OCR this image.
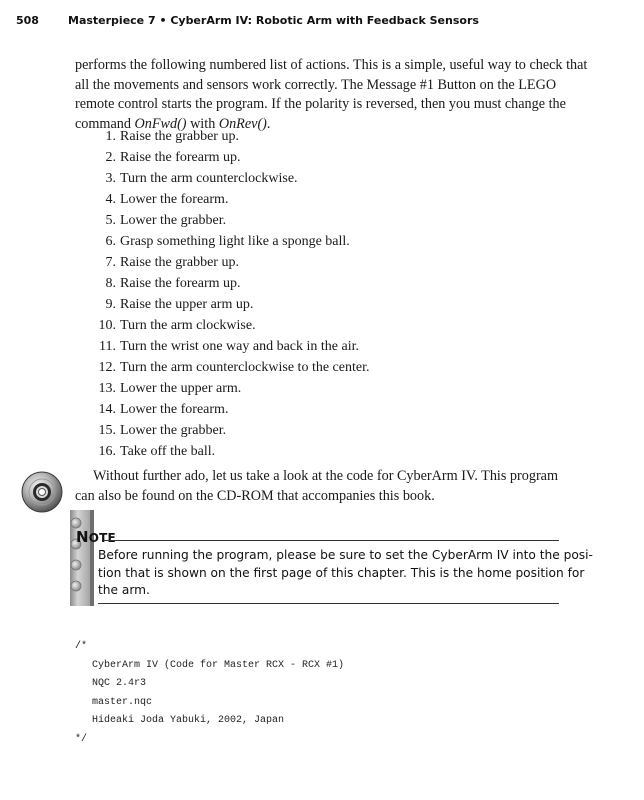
508	Masterpiece 7 • CyberArm IV: Robotic Arm with Feedback Sensors
performs the following numbered list of actions. This is a simple, useful way to check that
all the movements and sensors work correctly. The Message #1 Button on the LEGO
remote control starts the program. If the polarity is reversed, then you must change the
command OnFwd() with OnRev().
1. Raise the grabber up.
2. Raise the forearm up.
3. Turn the arm counterclockwise.
4. Lower the forearm.
5. Lower the grabber.
6. Grasp something light like a sponge ball.
7. Raise the grabber up.
8. Raise the forearm up.
9. Raise the upper arm up.
10. Turn the arm clockwise.
11. Turn the wrist one way and back in the air.
12. Turn the arm counterclockwise to the center.
13. Lower the upper arm.
14. Lower the forearm.
15. Lower the grabber.
16. Take off the ball.
Without further ado, let us take a look at the code for CyberArm IV. This program
can also be found on the CD-ROM that accompanies this book.
NOTE
Before running the program, please be sure to set the CyberArm IV into the posi-
tion that is shown on the first page of this chapter. This is the home position for
the arm.
/*
CyberArm IV (Code for Master RCX - RCX #1)
NQC 2.4r3
master.nqc
Hideaki Joda Yabuki, 2002, Japan
*/
